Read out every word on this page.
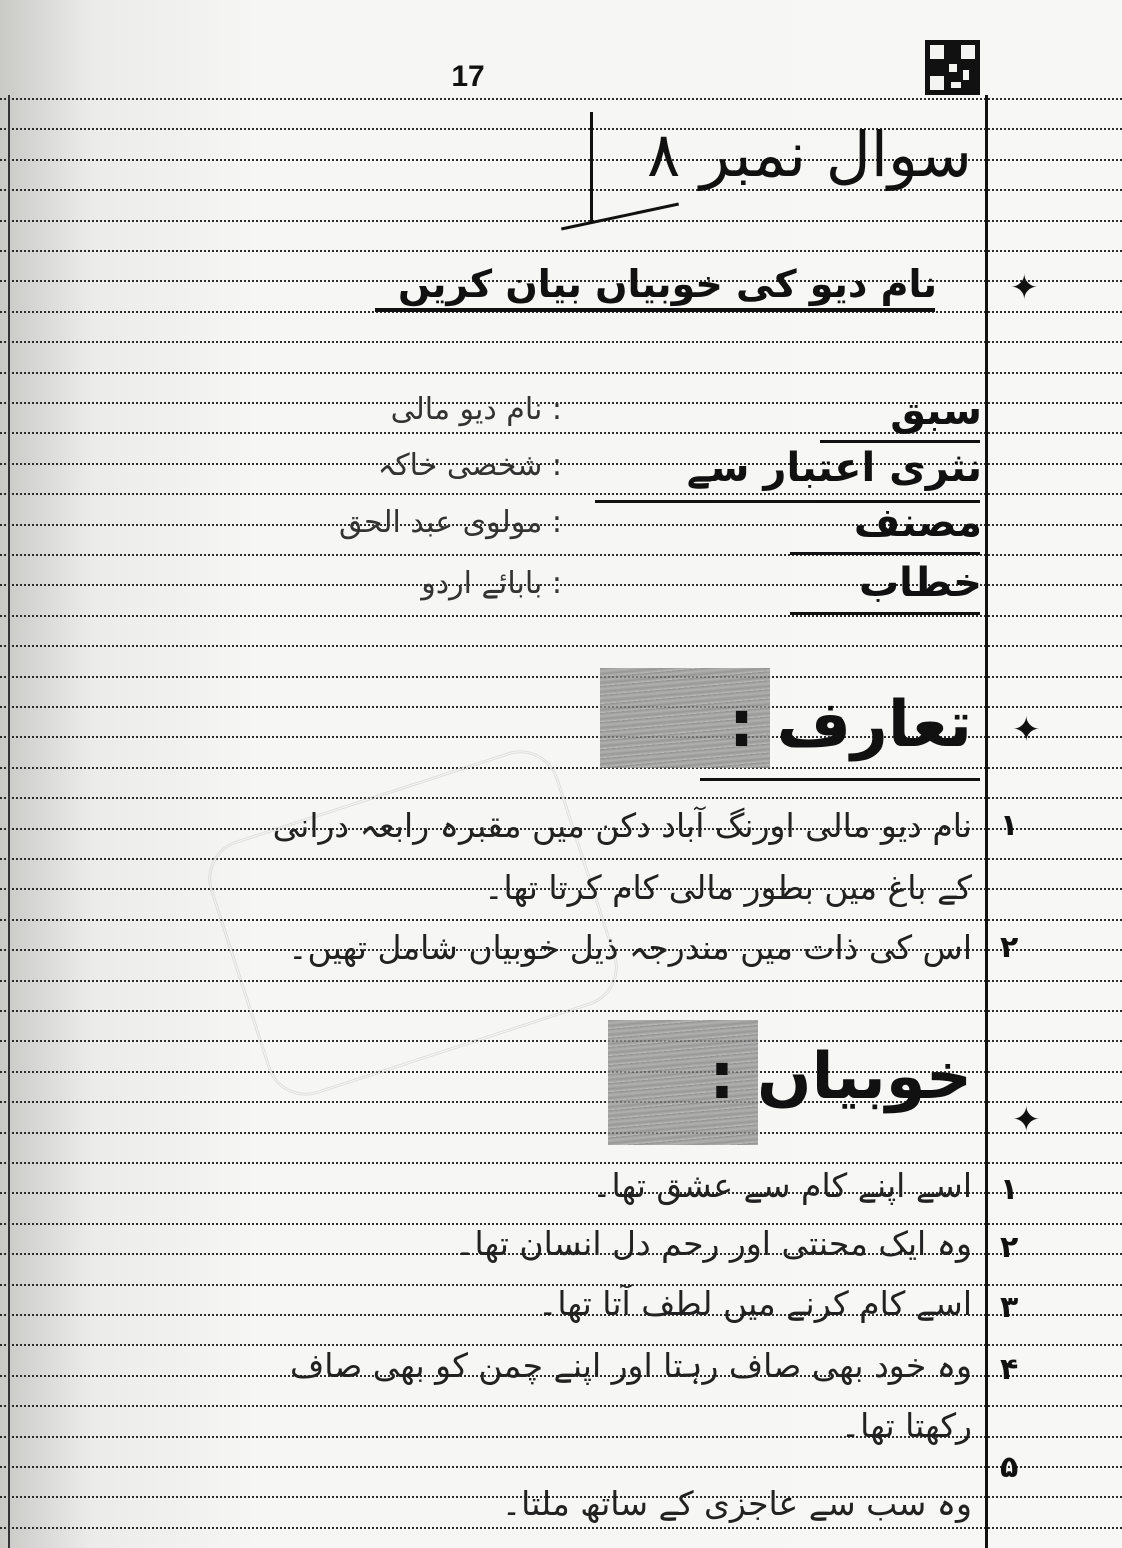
17
سوال نمبر ۸
✦
نام دیو کی خوبیاں بیان کریں
سبق
: نام دیو مالی
نثری اعتبار سے
: شخصی خاکہ
مصنف
: مولوی عبد الحق
خطاب
: بابائے اردو
✦
تعارف :
۱
نام دیو مالی اورنگ آباد دکن میں مقبرہ رابعہ درانی
کے باغ میں بطور مالی کام کرتا تھا۔
۲
اس کی ذات میں مندرجہ ذیل خوبیاں شامل تھیں۔
✦
خوبیاں :
۱
اسے اپنے کام سے عشق تھا۔
۲
وہ ایک محنتی اور رحم دل انسان تھا۔
۳
اسے کام کرنے میں لطف آتا تھا۔
۴
وہ خود بھی صاف رہتا اور اپنے چمن کو بھی صاف
رکھتا تھا۔
۵
وہ سب سے عاجزی کے ساتھ ملتا۔
